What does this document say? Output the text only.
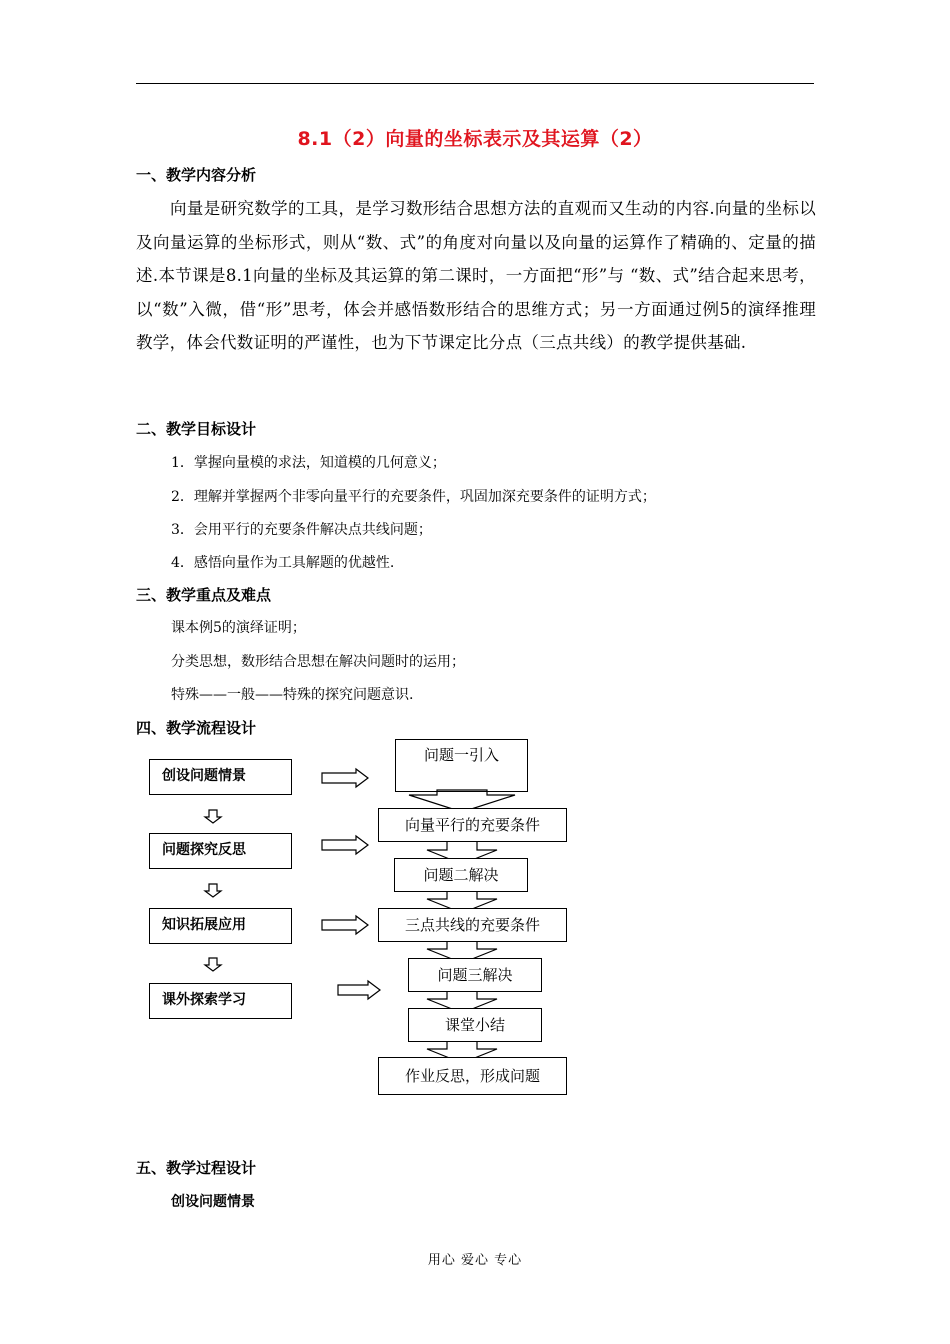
8.1（2）向量的坐标表示及其运算（2）
一、教学内容分析
向量是研究数学的工具，是学习数形结合思想方法的直观而又生动的内容.向量的坐标以及向量运算的坐标形式，则从“数、式”的角度对向量以及向量的运算作了精确的、定量的描述.本节课是8.1向量的坐标及其运算的第二课时，一方面把“形”与 “数、式”结合起来思考，以“数”入微，借“形”思考，体会并感悟数形结合的思维方式；另一方面通过例5的演绎推理教学，体会代数证明的严谨性，也为下节课定比分点（三点共线）的教学提供基础.
二、教学目标设计
1．掌握向量模的求法，知道模的几何意义；
2．理解并掌握两个非零向量平行的充要条件，巩固加深充要条件的证明方式；
3．会用平行的充要条件解决点共线问题；
4．感悟向量作为工具解题的优越性.
三、教学重点及难点
课本例5的演绎证明；
分类思想，数形结合思想在解决问题时的运用；
特殊——一般——特殊的探究问题意识.
四、教学流程设计
创设问题情景
问题探究反思
知识拓展应用
课外探索学习
问题一引入
向量平行的充要条件
问题二解决
三点共线的充要条件
问题三解决
课堂小结
作业反思，形成问题
五、教学过程设计
创设问题情景
用心 爱心 专心
